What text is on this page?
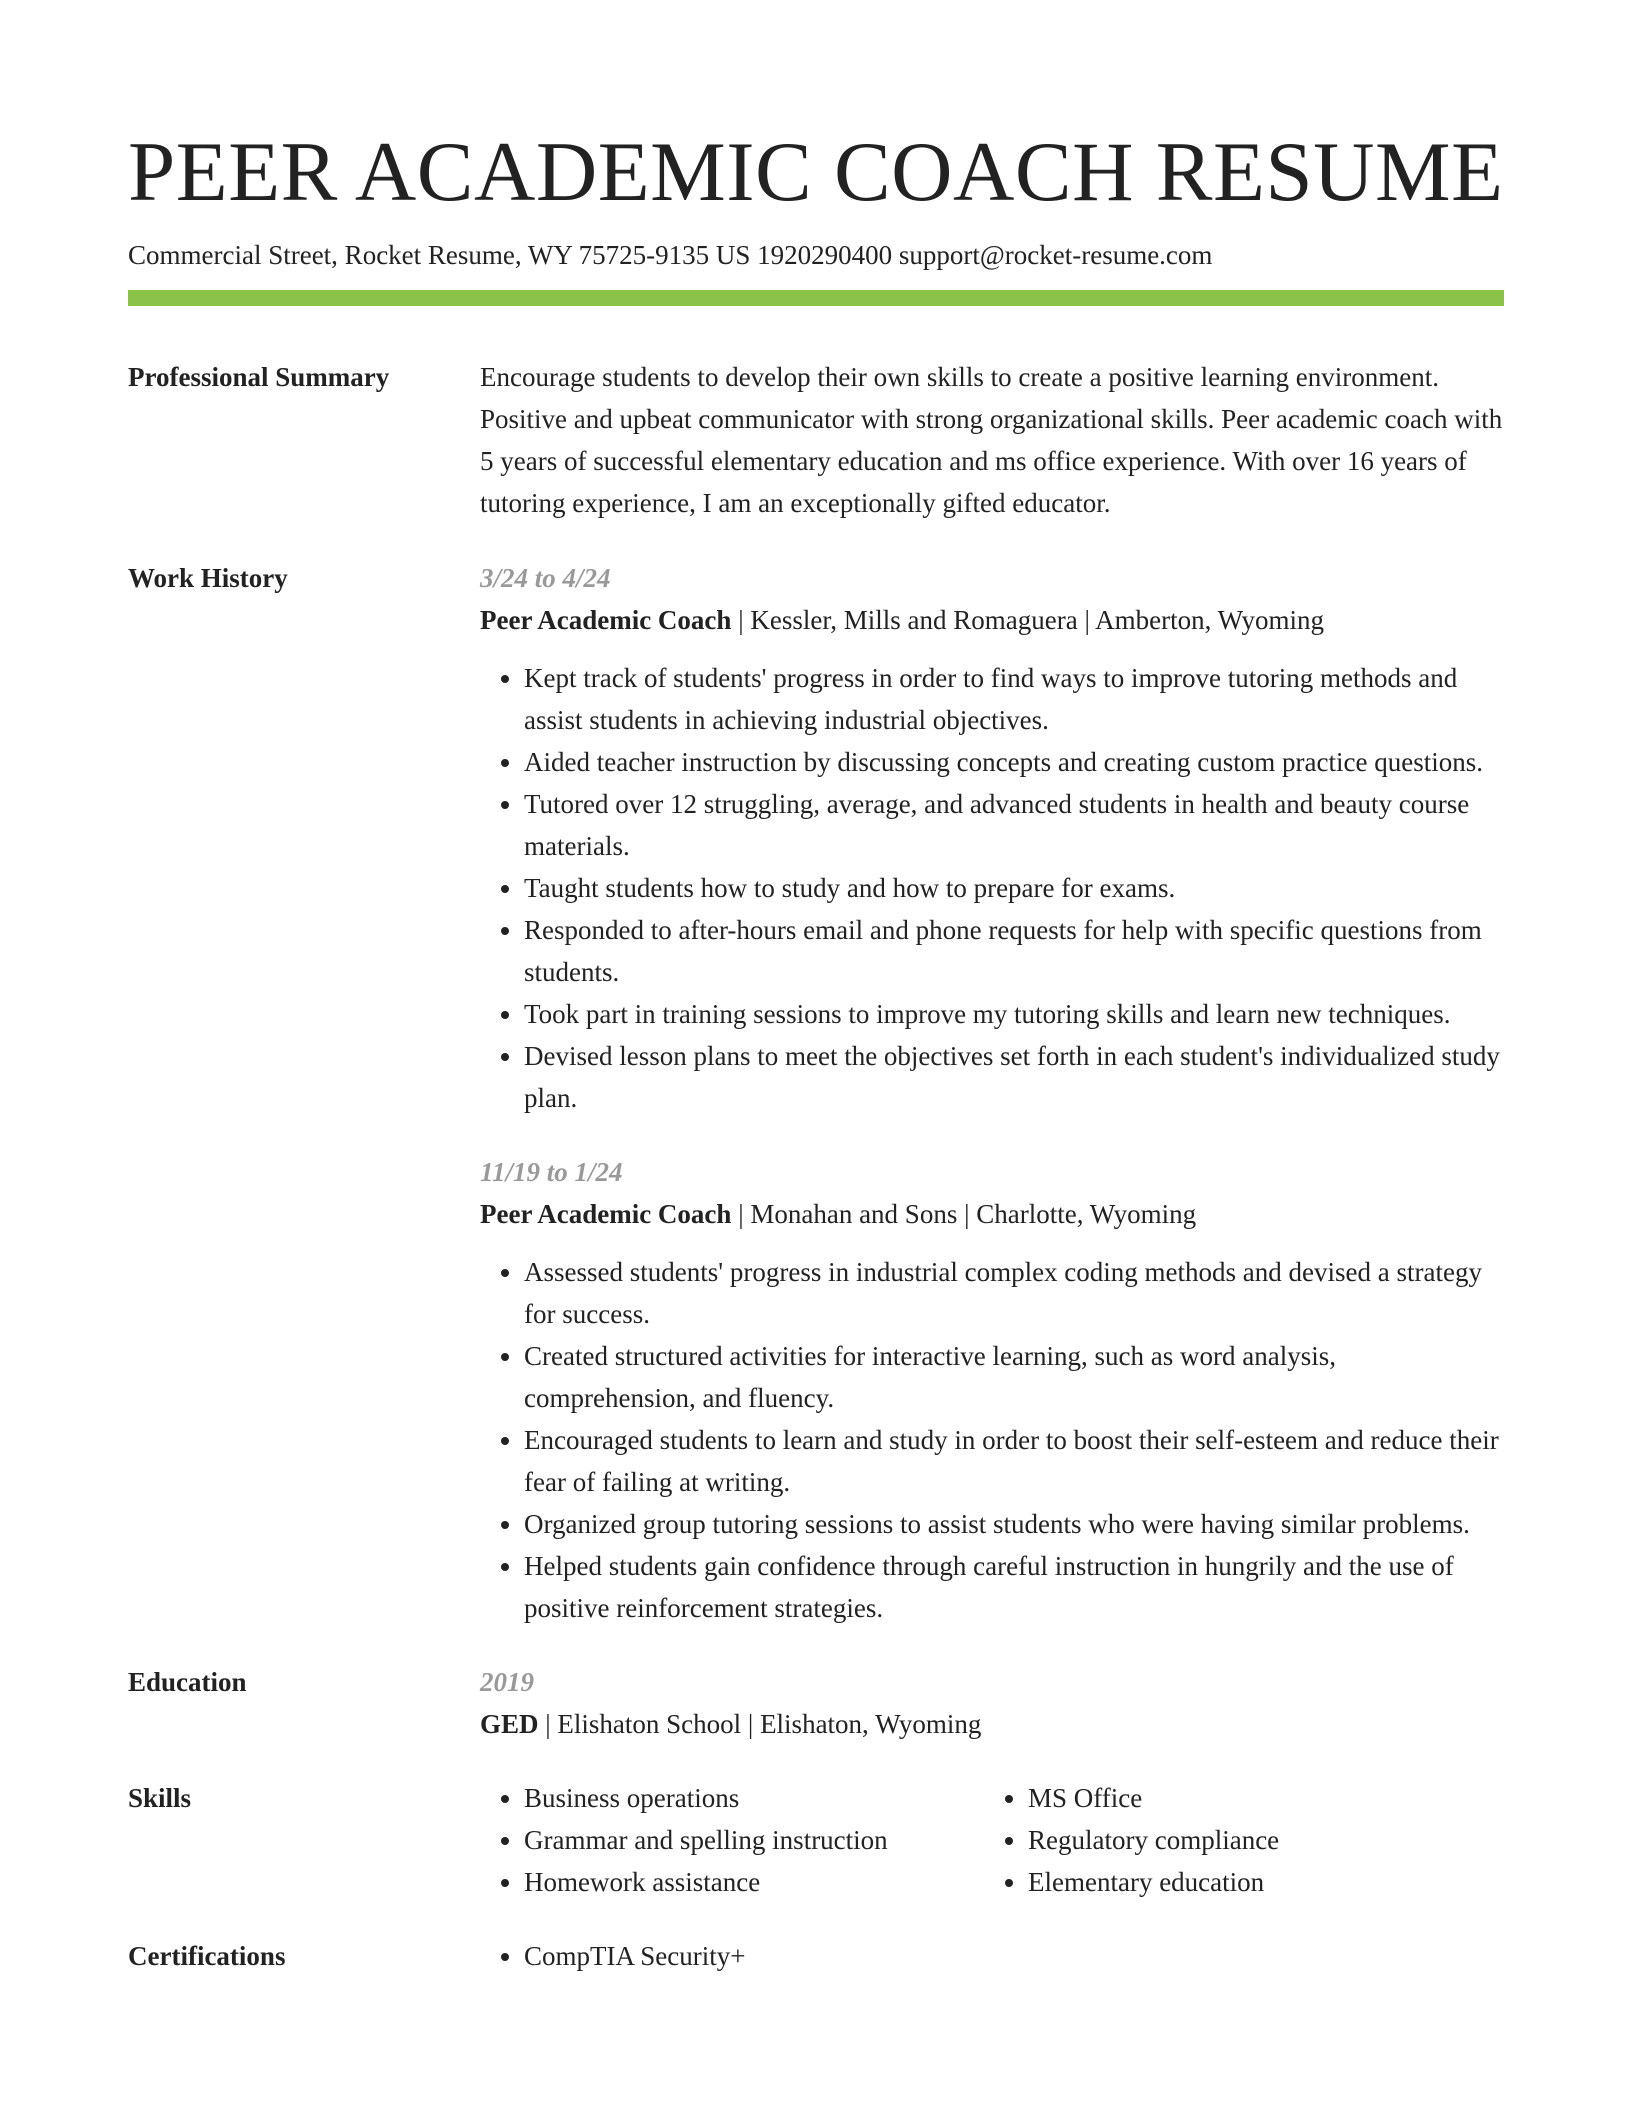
PEER ACADEMIC COACH RESUME
Commercial Street, Rocket Resume, WY 75725-9135 US 1920290400 support@rocket-resume.com
Professional Summary	Encourage students to develop their own skills to create a positive learning environment. Positive and upbeat communicator with strong organizational skills. Peer academic coach with 5 years of successful elementary education and ms office experience. With over 16 years of tutoring experience, I am an exceptionally gifted educator.
Work History	3/24 to 4/24
Peer Academic Coach | Kessler, Mills and Romaguera | Amberton, Wyoming
• Kept track of students' progress in order to find ways to improve tutoring methods and assist students in achieving industrial objectives.
• Aided teacher instruction by discussing concepts and creating custom practice questions.
• Tutored over 12 struggling, average, and advanced students in health and beauty course materials.
• Taught students how to study and how to prepare for exams.
• Responded to after-hours email and phone requests for help with specific questions from students.
• Took part in training sessions to improve my tutoring skills and learn new techniques.
• Devised lesson plans to meet the objectives set forth in each student's individualized study plan.
11/19 to 1/24
Peer Academic Coach | Monahan and Sons | Charlotte, Wyoming
• Assessed students' progress in industrial complex coding methods and devised a strategy for success.
• Created structured activities for interactive learning, such as word analysis, comprehension, and fluency.
• Encouraged students to learn and study in order to boost their self-esteem and reduce their fear of failing at writing.
• Organized group tutoring sessions to assist students who were having similar problems.
• Helped students gain confidence through careful instruction in hungrily and the use of positive reinforcement strategies.
Education	2019
GED | Elishaton School | Elishaton, Wyoming
Skills	• Business operations
• Grammar and spelling instruction
• Homework assistance
• MS Office
• Regulatory compliance
• Elementary education
Certifications	• CompTIA Security+
